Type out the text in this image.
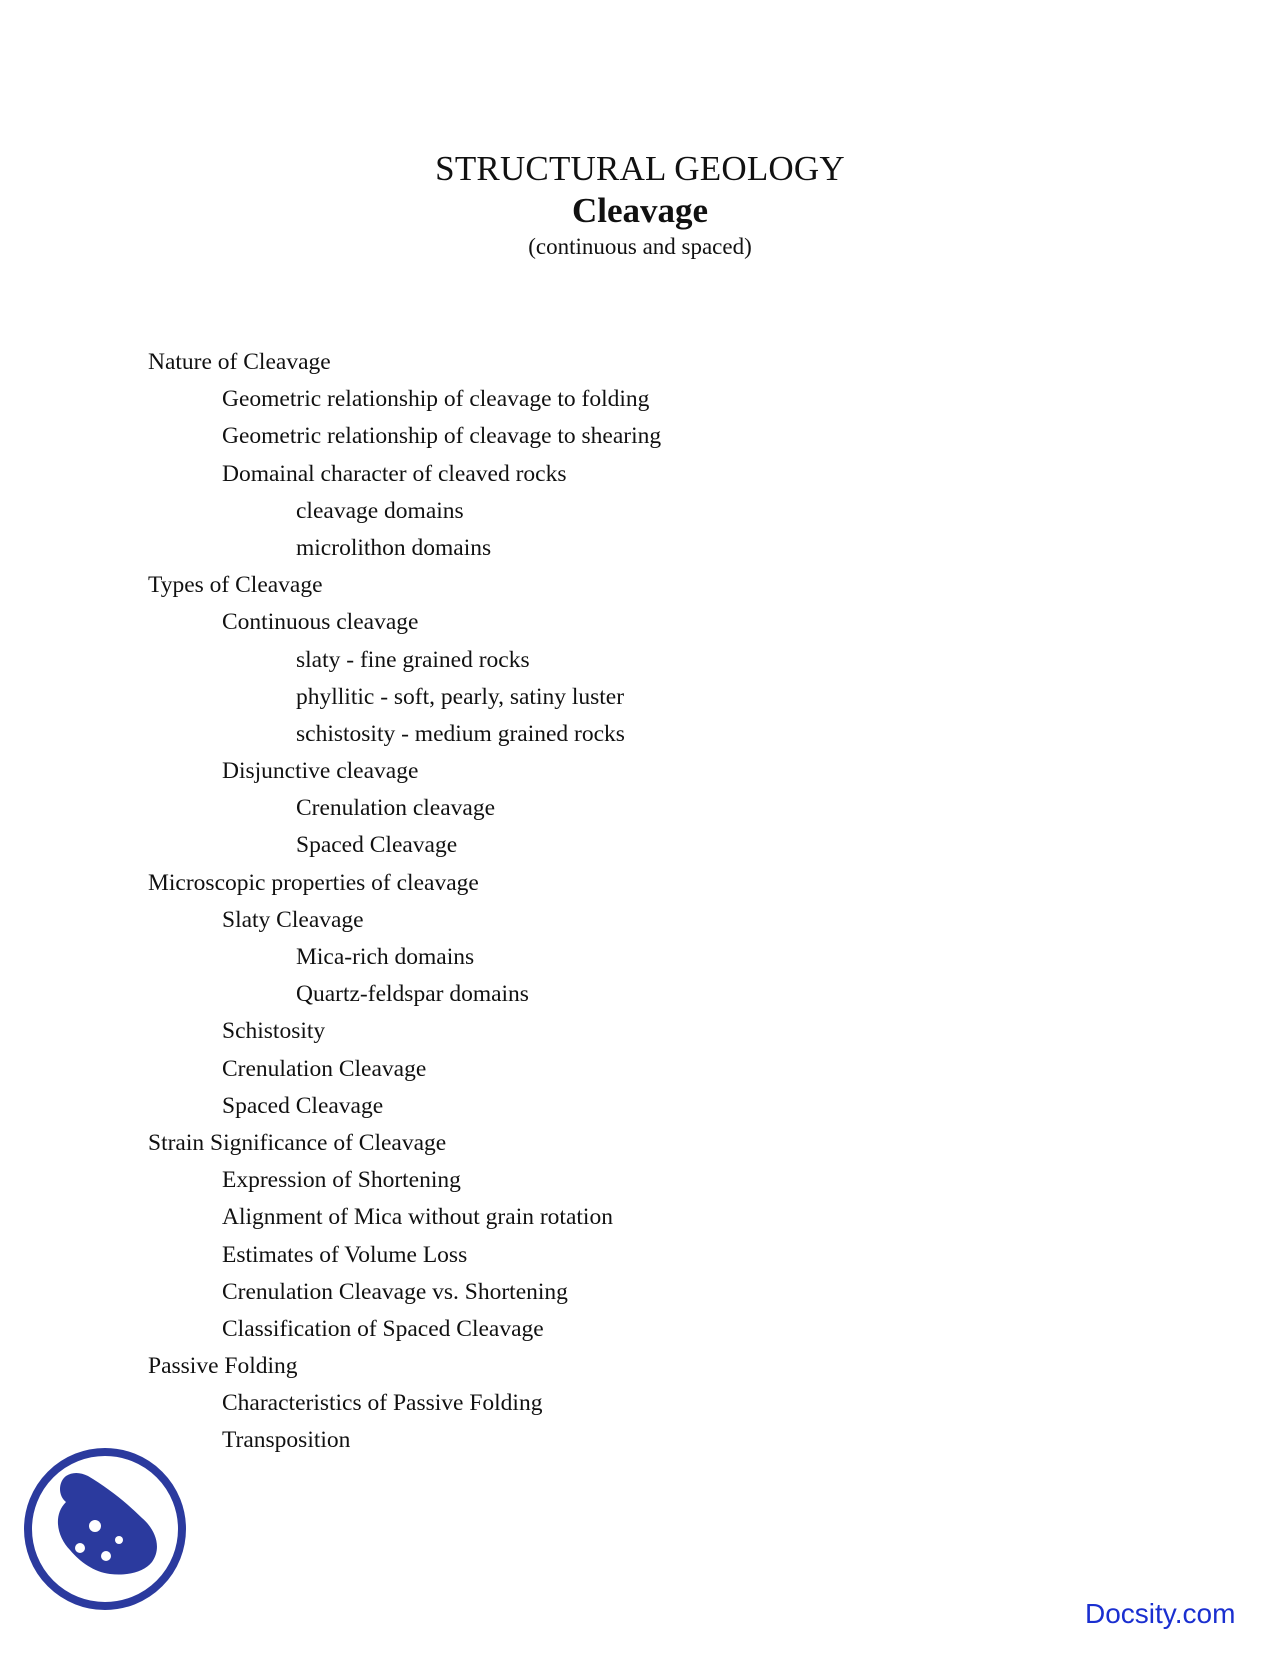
STRUCTURAL GEOLOGY
Cleavage
(continuous and spaced)
Nature of Cleavage
Geometric relationship of cleavage to folding
Geometric relationship of cleavage to shearing
Domainal character of cleaved rocks
cleavage domains
microlithon domains
Types of Cleavage
Continuous cleavage
slaty - fine grained rocks
phyllitic - soft, pearly, satiny luster
schistosity - medium grained rocks
Disjunctive cleavage
Crenulation cleavage
Spaced Cleavage
Microscopic properties of cleavage
Slaty Cleavage
Mica-rich domains
Quartz-feldspar domains
Schistosity
Crenulation Cleavage
Spaced Cleavage
Strain Significance of Cleavage
Expression of Shortening
Alignment of Mica without grain rotation
Estimates of Volume Loss
Crenulation Cleavage vs. Shortening
Classification of Spaced Cleavage
Passive Folding
Characteristics of Passive Folding
Transposition
Docsity.com
